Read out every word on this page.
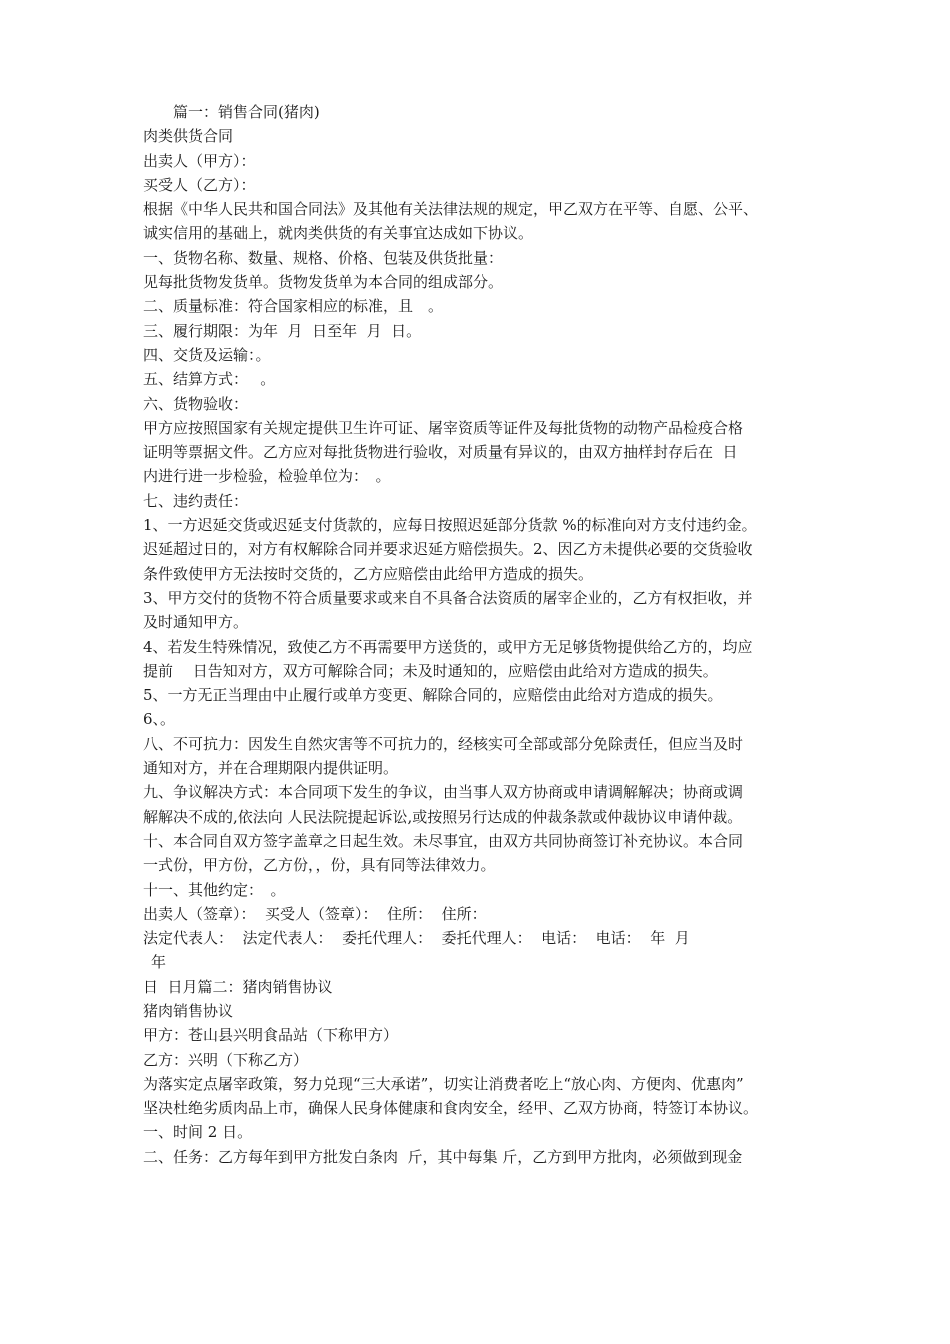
篇一：销售合同(猪肉)
肉类供货合同
出卖人（甲方）：
买受人（乙方）：
根据《中华人民共和国合同法》及其他有关法律法规的规定，甲乙双方在平等、自愿、公平、
诚实信用的基础上，就肉类供货的有关事宜达成如下协议。
一、货物名称、数量、规格、价格、包装及供货批量：
见每批货物发货单。货物发货单为本合同的组成部分。
二、质量标准：符合国家相应的标准，且　。
三、履行期限：为年  月  日至年  月  日。
四、交货及运输：。
五、结算方式：　 。
六、货物验收：
甲方应按照国家有关规定提供卫生许可证、屠宰资质等证件及每批货物的动物产品检疫合格
证明等票据文件。乙方应对每批货物进行验收，对质量有异议的，由双方抽样封存后在  日
内进行进一步检验，检验单位为：　。
七、违约责任：
1、一方迟延交货或迟延支付货款的，应每日按照迟延部分货款 %的标准向对方支付违约金。
迟延超过日的，对方有权解除合同并要求迟延方赔偿损失。2、因乙方未提供必要的交货验收
条件致使甲方无法按时交货的，乙方应赔偿由此给甲方造成的损失。
3、甲方交付的货物不符合质量要求或来自不具备合法资质的屠宰企业的，乙方有权拒收，并
及时通知甲方。
4、若发生特殊情况，致使乙方不再需要甲方送货的，或甲方无足够货物提供给乙方的，均应
提前　 日告知对方，双方可解除合同；未及时通知的，应赔偿由此给对方造成的损失。
5、一方无正当理由中止履行或单方变更、解除合同的，应赔偿由此给对方造成的损失。
6、。
八、不可抗力：因发生自然灾害等不可抗力的，经核实可全部或部分免除责任，但应当及时
通知对方，并在合理期限内提供证明。
九、争议解决方式：本合同项下发生的争议，由当事人双方协商或申请调解解决；协商或调
解解决不成的,依法向 人民法院提起诉讼,或按照另行达成的仲裁条款或仲裁协议申请仲裁。
十、本合同自双方签字盖章之日起生效。未尽事宜，由双方共同协商签订补充协议。本合同
一式份，甲方份，乙方份，，份，具有同等法律效力。
十一、其他约定：　。
出卖人（签章）：  买受人（签章）：  住所：  住所：
法定代表人：  法定代表人：  委托代理人：  委托代理人：  电话：  电话：  年  月
年
日  日月篇二：猪肉销售协议
猪肉销售协议
甲方：苍山县兴明食品站（下称甲方）
乙方：兴明（下称乙方）
为落实定点屠宰政策，努力兑现“三大承诺”，切实让消费者吃上“放心肉、方便肉、优惠肉”
坚决杜绝劣质肉品上市，确保人民身体健康和食肉安全，经甲、乙双方协商，特签订本协议。
一、时间 2 日。
二、任务：乙方每年到甲方批发白条肉  斤，其中每集 斤，乙方到甲方批肉，必须做到现金
